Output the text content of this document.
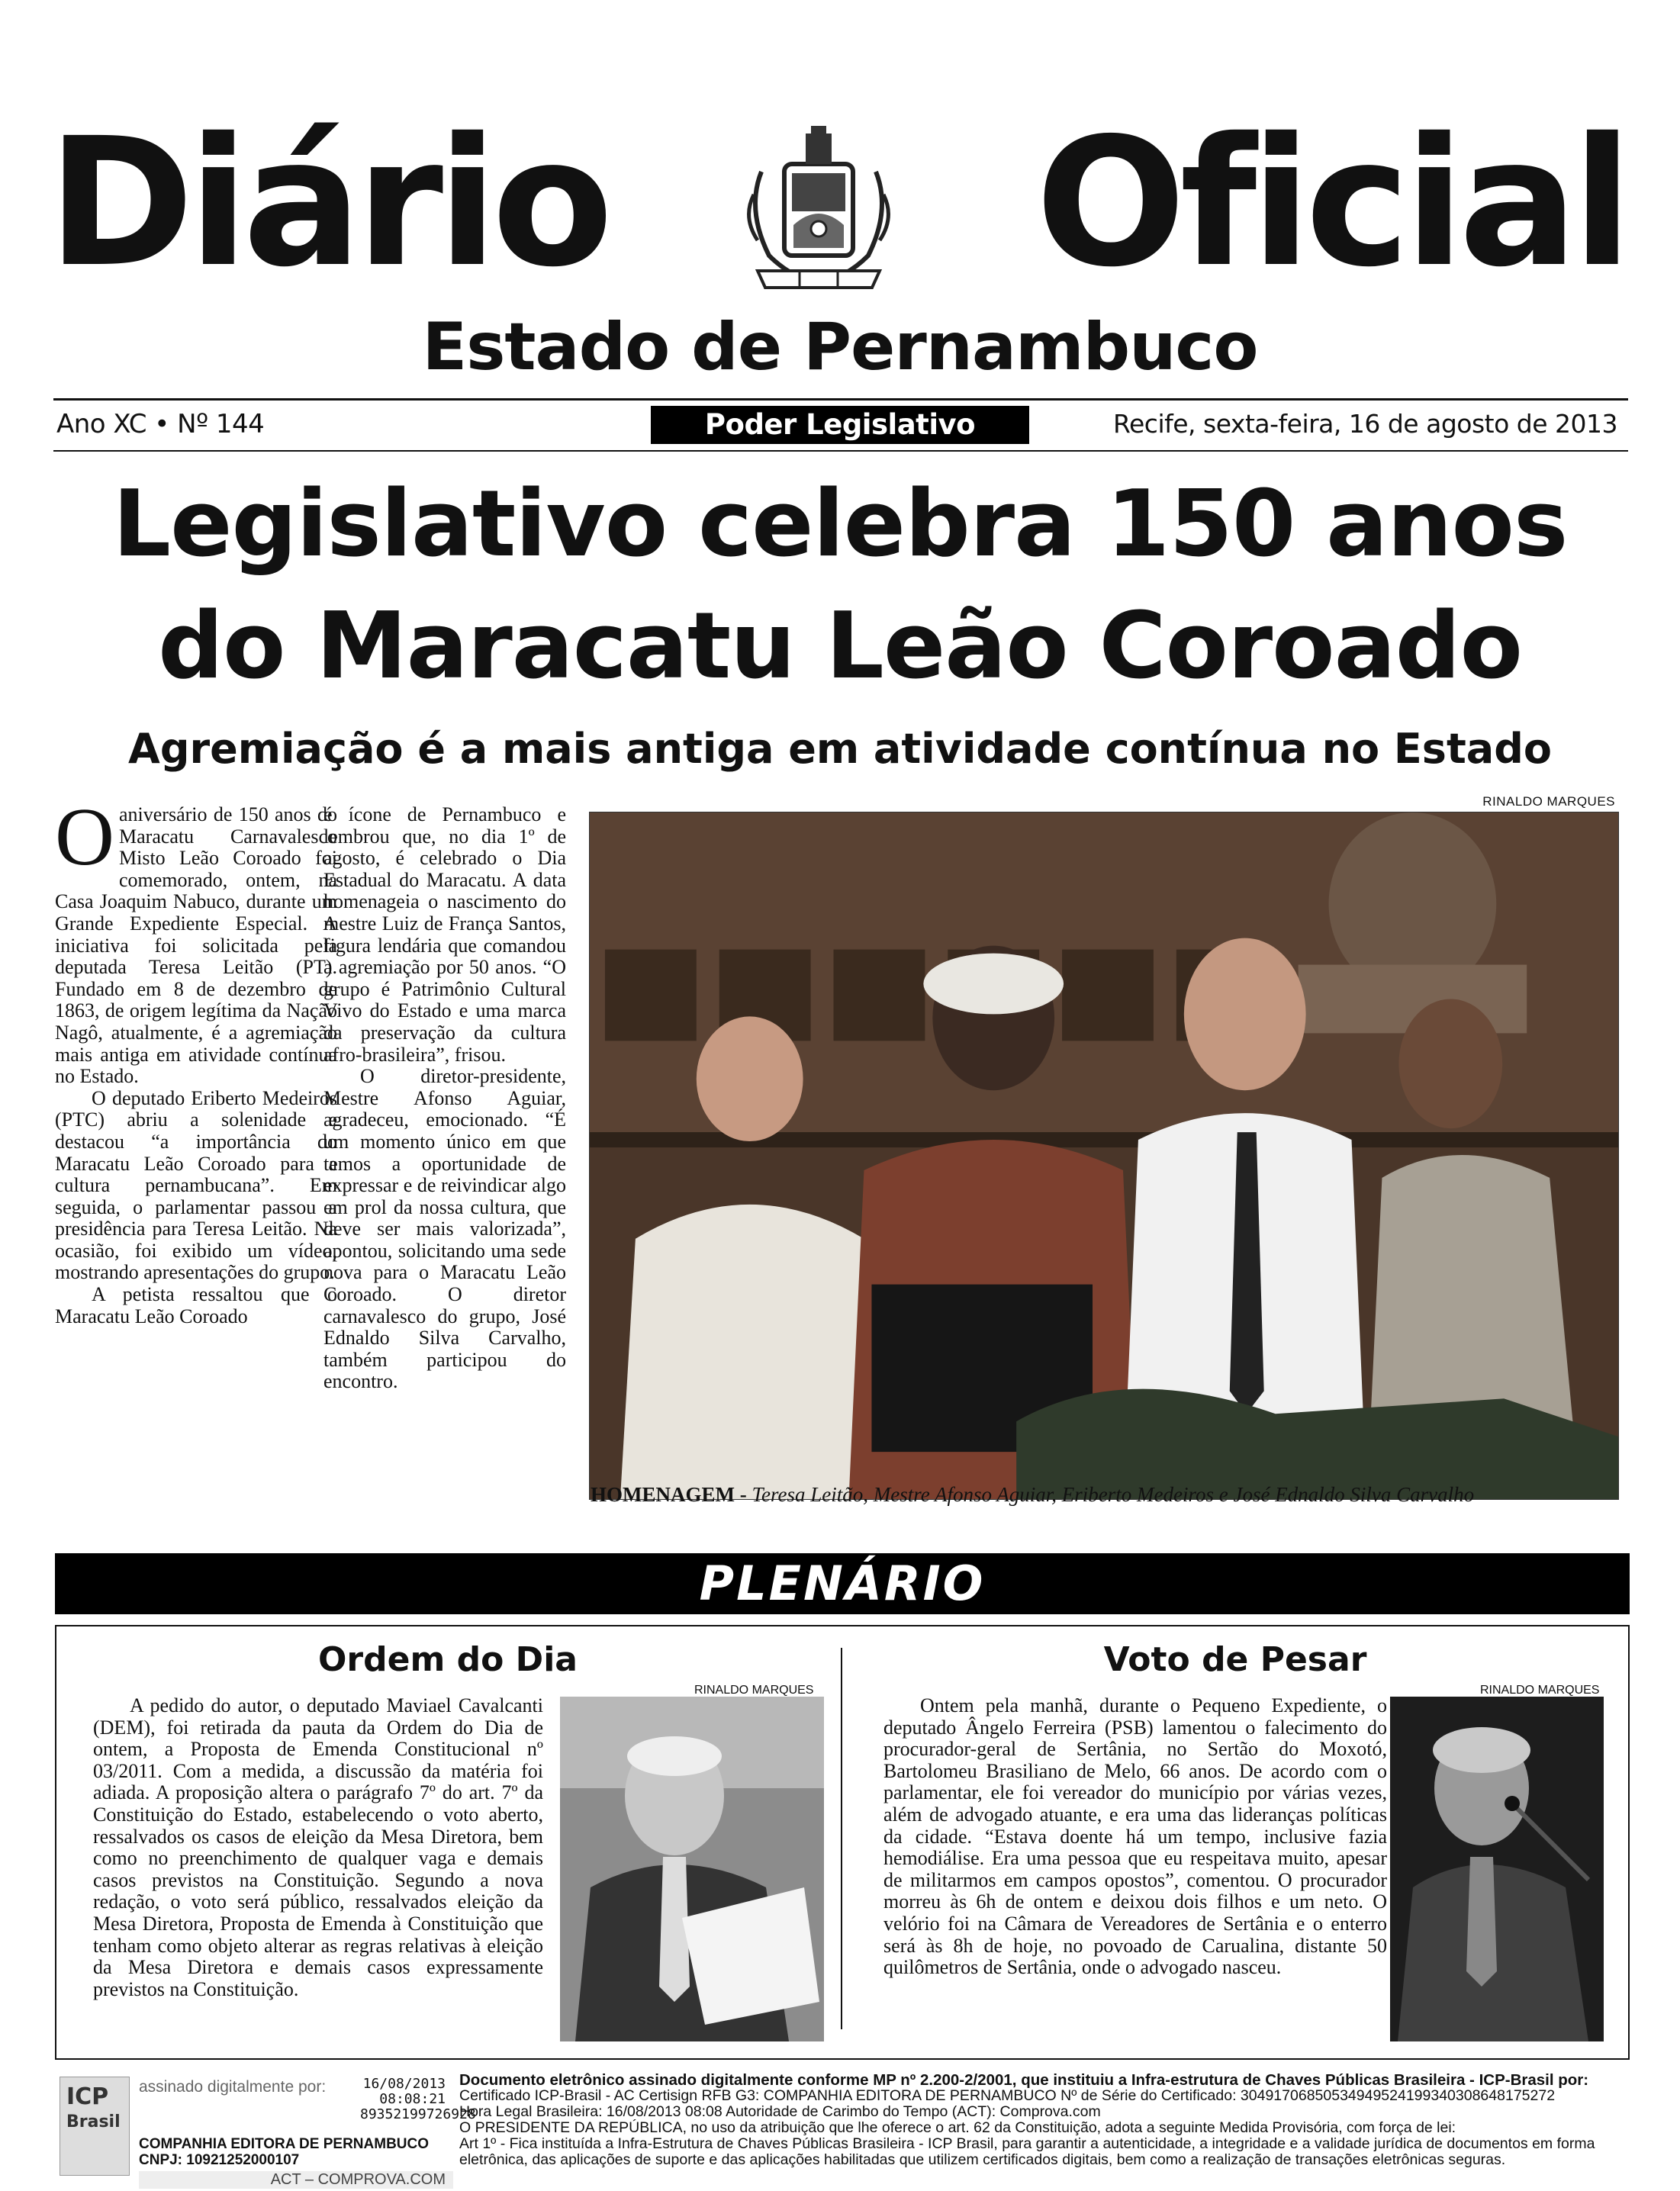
Diário Oficial
Estado de Pernambuco
Ano XC • Nº 144	Poder Legislativo	Recife, sexta-feira, 16 de agosto de 2013
Legislativo celebra 150 anos
do Maracatu Leão Coroado
Agremiação é a mais antiga em atividade contínua no Estado

Oaniversário de 150 anos do Maracatu Carnavalesco Misto Leão Coroado foi comemorado, ontem, na Casa Joaquim Nabuco, durante um Grande Expediente Especial. A iniciativa foi solicitada pela deputada Teresa Leitão (PT). Fundado em 8 de dezembro de 1863, de origem legítima da Nação Nagô, atualmente, é a agremiação mais antiga em atividade contínua no Estado.

O deputado Eriberto Medeiros (PTC) abriu a solenidade e destacou “a importância do Maracatu Leão Coroado para a cultura pernambucana”. Em seguida, o parlamentar passou a presidência para Teresa Leitão. Na ocasião, foi exibido um vídeo, mostrando apresentações do grupo.

A petista ressaltou que o Maracatu Leão Coroado

é ícone de Pernambuco e lembrou que, no dia 1º de agosto, é celebrado o Dia Estadual do Maracatu. A data homenageia o nascimento do mestre Luiz de França Santos, figura lendária que comandou a agremiação por 50 anos. “O grupo é Patrimônio Cultural Vivo do Estado e uma marca da preservação da cultura afro-brasileira”, frisou.

O diretor-presidente, Mestre Afonso Aguiar, agradeceu, emocionado. “É um momento único em que temos a oportunidade de expressar e de reivindicar algo em prol da nossa cultura, que deve ser mais valorizada”, apontou, solicitando uma sede nova para o Maracatu Leão Coroado. O diretor carnavalesco do grupo, José Ednaldo Silva Carvalho, também participou do encontro.

RINALDO MARQUES
HOMENAGEM - Teresa Leitão, Mestre Afonso Aguiar, Eriberto Medeiros e José Ednaldo Silva Carvalho
PLENÁRIO
Ordem do Dia	Voto de Pesar

A pedido do autor, o deputado Maviael Cavalcanti (DEM), foi retirada da pauta da Ordem do Dia de ontem, a Proposta de Emenda Constitucional nº 03/2011. Com a medida, a discussão da matéria foi adiada. A proposição altera o parágrafo 7º do art. 7º da Constituição do Estado, estabelecendo o voto aberto, ressalvados os casos de eleição da Mesa Diretora, bem como no preenchimento de qualquer vaga e demais casos previstos na Constituição. Segundo a nova redação, o voto será público, ressalvados eleição da Mesa Diretora, Proposta de Emenda à Constituição que tenham como objeto alterar as regras relativas à eleição da Mesa Diretora e demais casos expressamente previstos na Constituição.

RINALDO MARQUES

Ontem pela manhã, durante o Pequeno Expediente, o deputado Ângelo Ferreira (PSB) lamentou o falecimento do procurador-geral de Sertânia, no Sertão do Moxotó, Bartolomeu Brasiliano de Melo, 66 anos. De acordo com o parlamentar, ele foi vereador do município por várias vezes, além de advogado atuante, e era uma das lideranças políticas da cidade. “Estava doente há um tempo, inclusive fazia hemodiálise. Era uma pessoa que eu respeitava muito, apesar de militarmos em campos opostos”, comentou. O procurador morreu às 6h de ontem e deixou dois filhos e um neto. O velório foi na Câmara de Vereadores de Sertânia e o enterro será às 8h de hoje, no povoado de Carualina, distante 50 quilômetros de Sertânia, onde o advogado nasceu.

RINALDO MARQUES
ICP
Brasil
assinado digitalmente por:	16/08/2013
08:08:21
89352199726928
COMPANHIA EDITORA DE PERNAMBUCO
CNPJ: 10921252000107
ACT – COMPROVA.COM
Documento eletrônico assinado digitalmente conforme MP nº 2.200-2/2001, que instituiu a Infra-estrutura de Chaves Públicas Brasileira - ICP-Brasil por:
Certificado ICP-Brasil - AC Certisign RFB G3: COMPANHIA EDITORA DE PERNAMBUCO Nº de Série do Certificado: 304917068505349495241993403086481752​72
Hora Legal Brasileira: 16/08/2013 08:08 Autoridade de Carimbo do Tempo (ACT): Comprova.com
O PRESIDENTE DA REPÚBLICA, no uso da atribuição que lhe oferece o art. 62 da Constituição, adota a seguinte Medida Provisória, com força de lei:
Art 1º - Fica instituída a Infra-Estrutura de Chaves Públicas Brasileira - ICP Brasil, para garantir a autenticidade, a integridade e a validade jurídica de documentos em forma eletrônica, das aplicações de suporte e das aplicações habilitadas que utilizem certificados digitais, bem como a realização de transações eletrônicas seguras.
